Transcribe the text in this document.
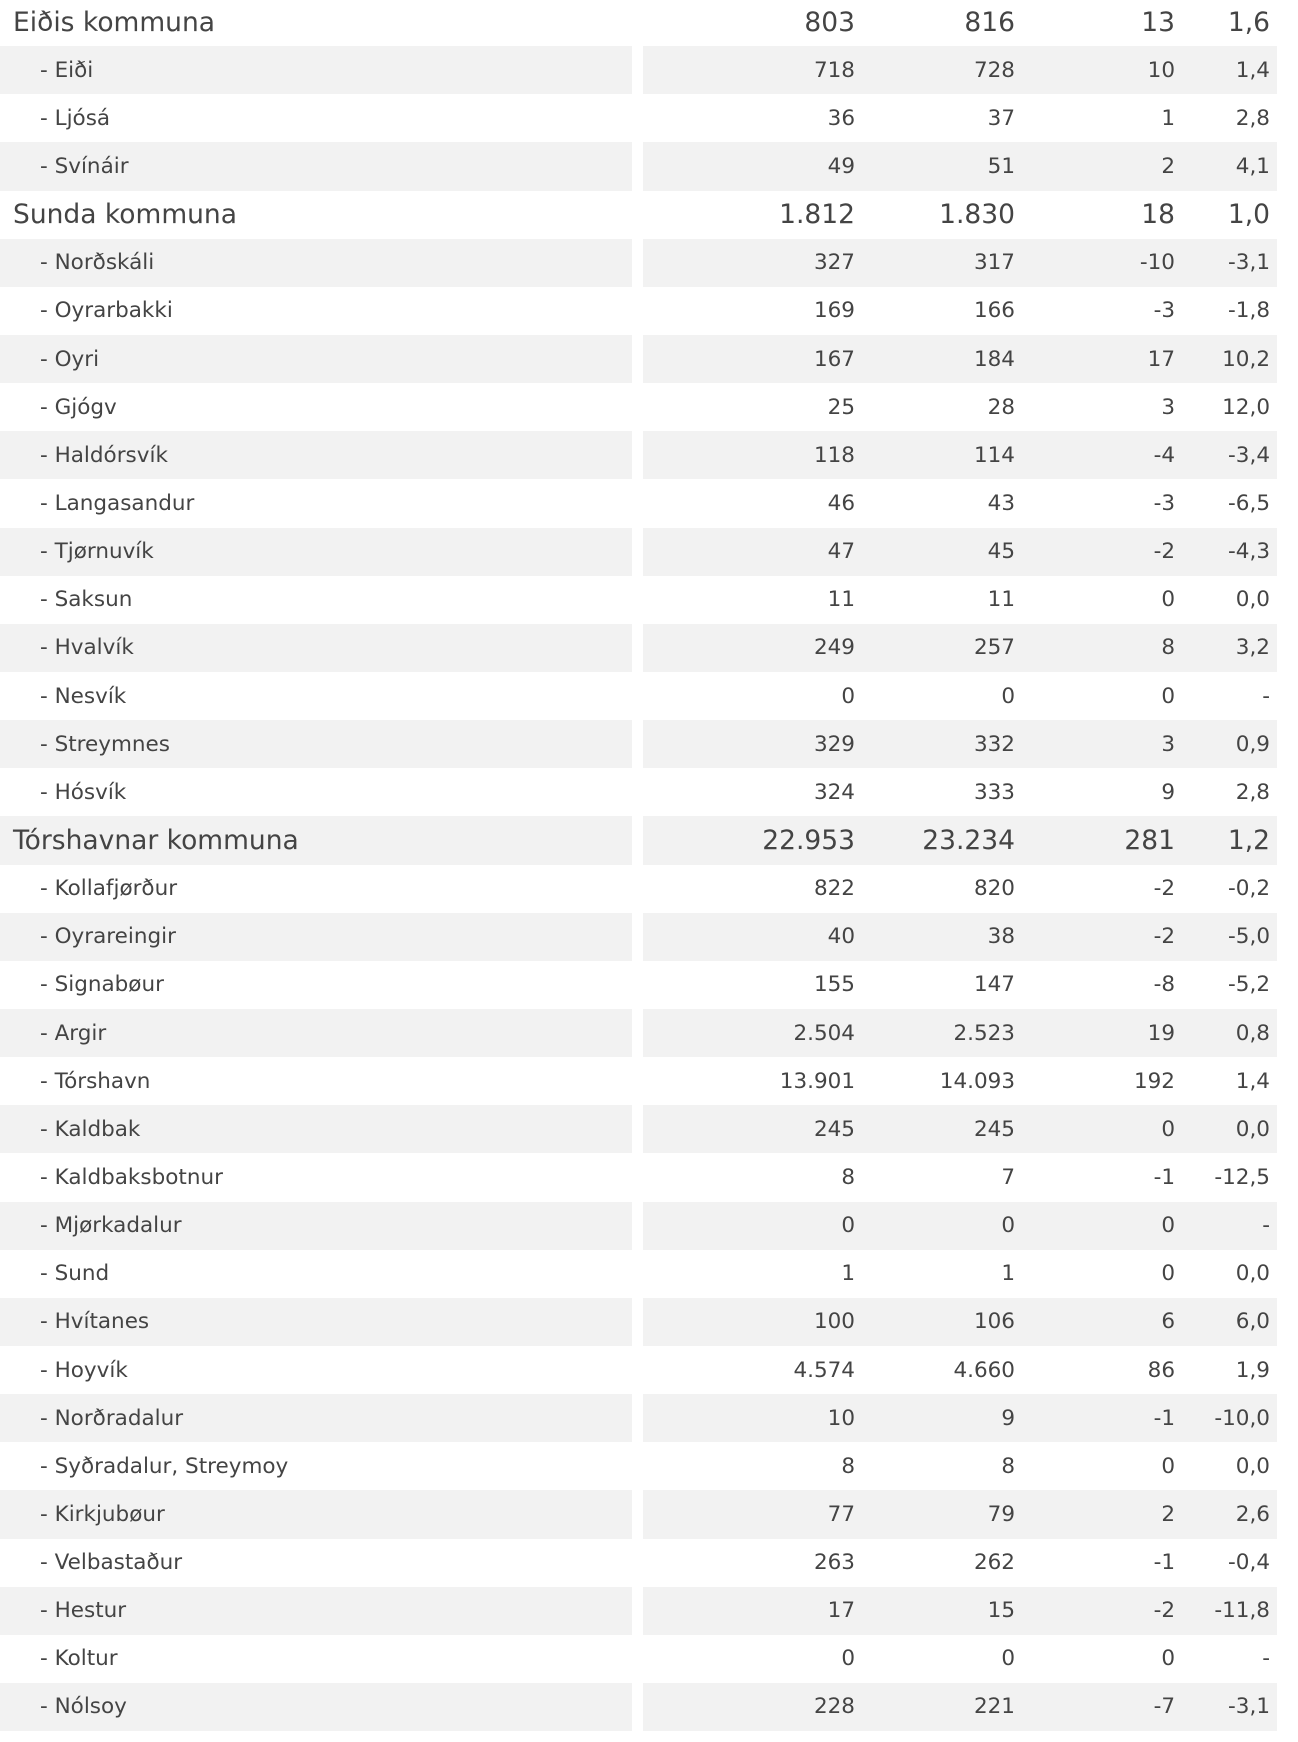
Eiðis kommuna	803	816	13	1,6
- Eiði	718	728	10	1,4
- Ljósá	36	37	1	2,8
- Svínáir	49	51	2	4,1
Sunda kommuna	1.812	1.830	18	1,0
- Norðskáli	327	317	-10	-3,1
- Oyrarbakki	169	166	-3	-1,8
- Oyri	167	184	17	10,2
- Gjógv	25	28	3	12,0
- Haldórsvík	118	114	-4	-3,4
- Langasandur	46	43	-3	-6,5
- Tjørnuvík	47	45	-2	-4,3
- Saksun	11	11	0	0,0
- Hvalvík	249	257	8	3,2
- Nesvík	0	0	0	-
- Streymnes	329	332	3	0,9
- Hósvík	324	333	9	2,8
Tórshavnar kommuna	22.953	23.234	281	1,2
- Kollafjørður	822	820	-2	-0,2
- Oyrareingir	40	38	-2	-5,0
- Signabøur	155	147	-8	-5,2
- Argir	2.504	2.523	19	0,8
- Tórshavn	13.901	14.093	192	1,4
- Kaldbak	245	245	0	0,0
- Kaldbaksbotnur	8	7	-1	-12,5
- Mjørkadalur	0	0	0	-
- Sund	1	1	0	0,0
- Hvítanes	100	106	6	6,0
- Hoyvík	4.574	4.660	86	1,9
- Norðradalur	10	9	-1	-10,0
- Syðradalur, Streymoy	8	8	0	0,0
- Kirkjubøur	77	79	2	2,6
- Velbastaður	263	262	-1	-0,4
- Hestur	17	15	-2	-11,8
- Koltur	0	0	0	-
- Nólsoy	228	221	-7	-3,1
